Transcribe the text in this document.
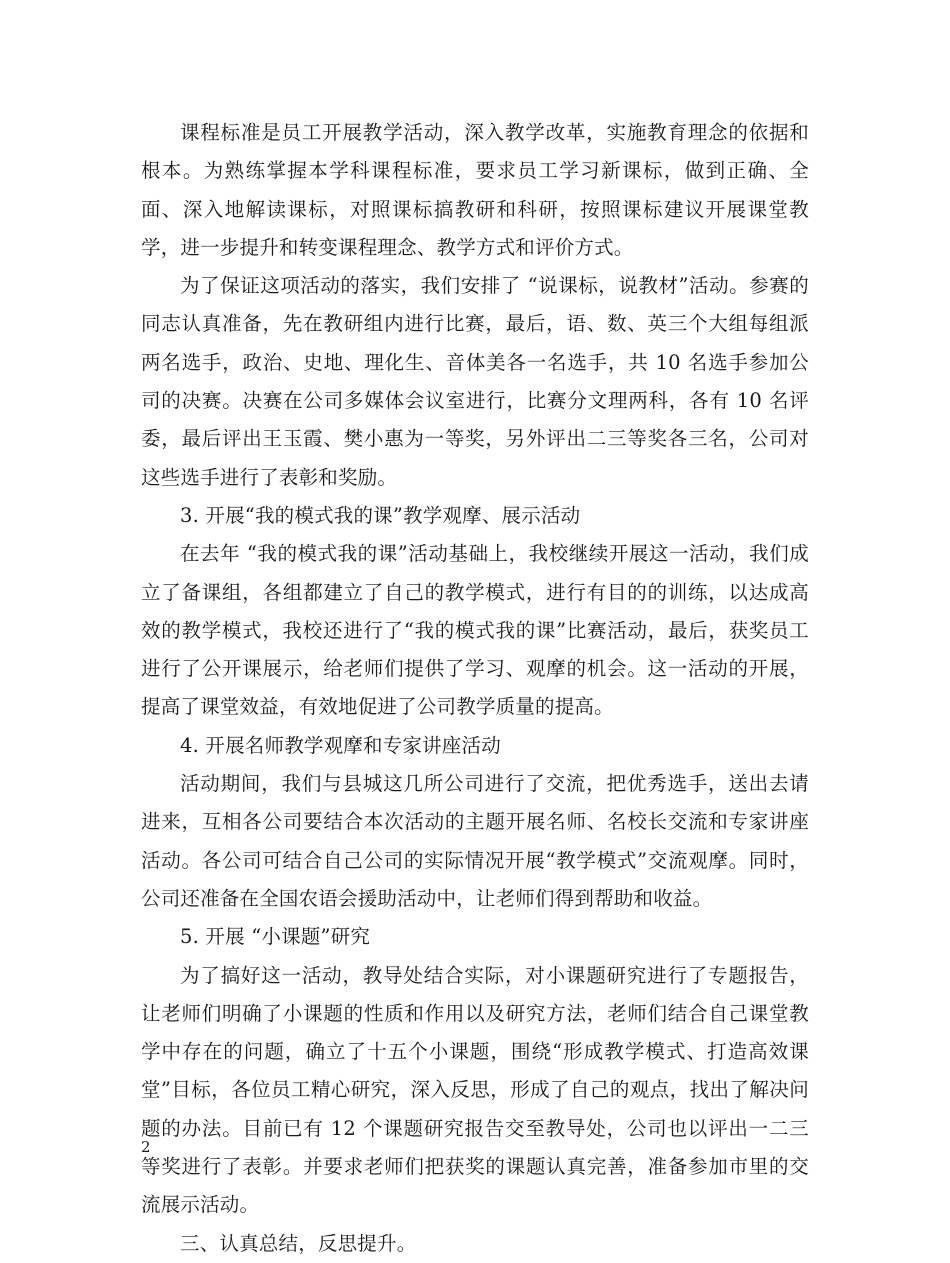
课程标准是员工开展教学活动，深入教学改革，实施教育理念的依据和根本。为熟练掌握本学科课程标准，要求员工学习新课标，做到正确、全面、深入地解读课标，对照课标搞教研和科研，按照课标建议开展课堂教学，进一步提升和转变课程理念、教学方式和评价方式。

为了保证这项活动的落实，我们安排了 “说课标，说教材”活动。参赛的同志认真准备，先在教研组内进行比赛，最后，语、数、英三个大组每组派两名选手，政治、史地、理化生、音体美各一名选手，共 10 名选手参加公司的决赛。决赛在公司多媒体会议室进行，比赛分文理两科，各有 10 名评委，最后评出王玉霞、樊小惠为一等奖，另外评出二三等奖各三名，公司对这些选手进行了表彰和奖励。

3. 开展“我的模式我的课”教学观摩、展示活动

在去年 “我的模式我的课”活动基础上，我校继续开展这一活动，我们成立了备课组，各组都建立了自己的教学模式，进行有目的的训练，以达成高效的教学模式，我校还进行了“我的模式我的课”比赛活动，最后，获奖员工进行了公开课展示，给老师们提供了学习、观摩的机会。这一活动的开展，提高了课堂效益，有效地促进了公司教学质量的提高。

4. 开展名师教学观摩和专家讲座活动

活动期间，我们与县城这几所公司进行了交流，把优秀选手，送出去请进来，互相各公司要结合本次活动的主题开展名师、名校长交流和专家讲座活动。各公司可结合自己公司的实际情况开展“教学模式”交流观摩。同时，公司还准备在全国农语会援助活动中，让老师们得到帮助和收益。

5. 开展 “小课题”研究

为了搞好这一活动，教导处结合实际，对小课题研究进行了专题报告，让老师们明确了小课题的性质和作用以及研究方法，老师们结合自己课堂教学中存在的问题，确立了十五个小课题，围绕“形成教学模式、打造高效课堂”目标，各位员工精心研究，深入反思，形成了自己的观点，找出了解决问题的办法。目前已有 12 个课题研究报告交至教导处，公司也以评出一二三等奖进行了表彰。并要求老师们把获奖的课题认真完善，准备参加市里的交流展示活动。

三、认真总结，反思提升。

2
